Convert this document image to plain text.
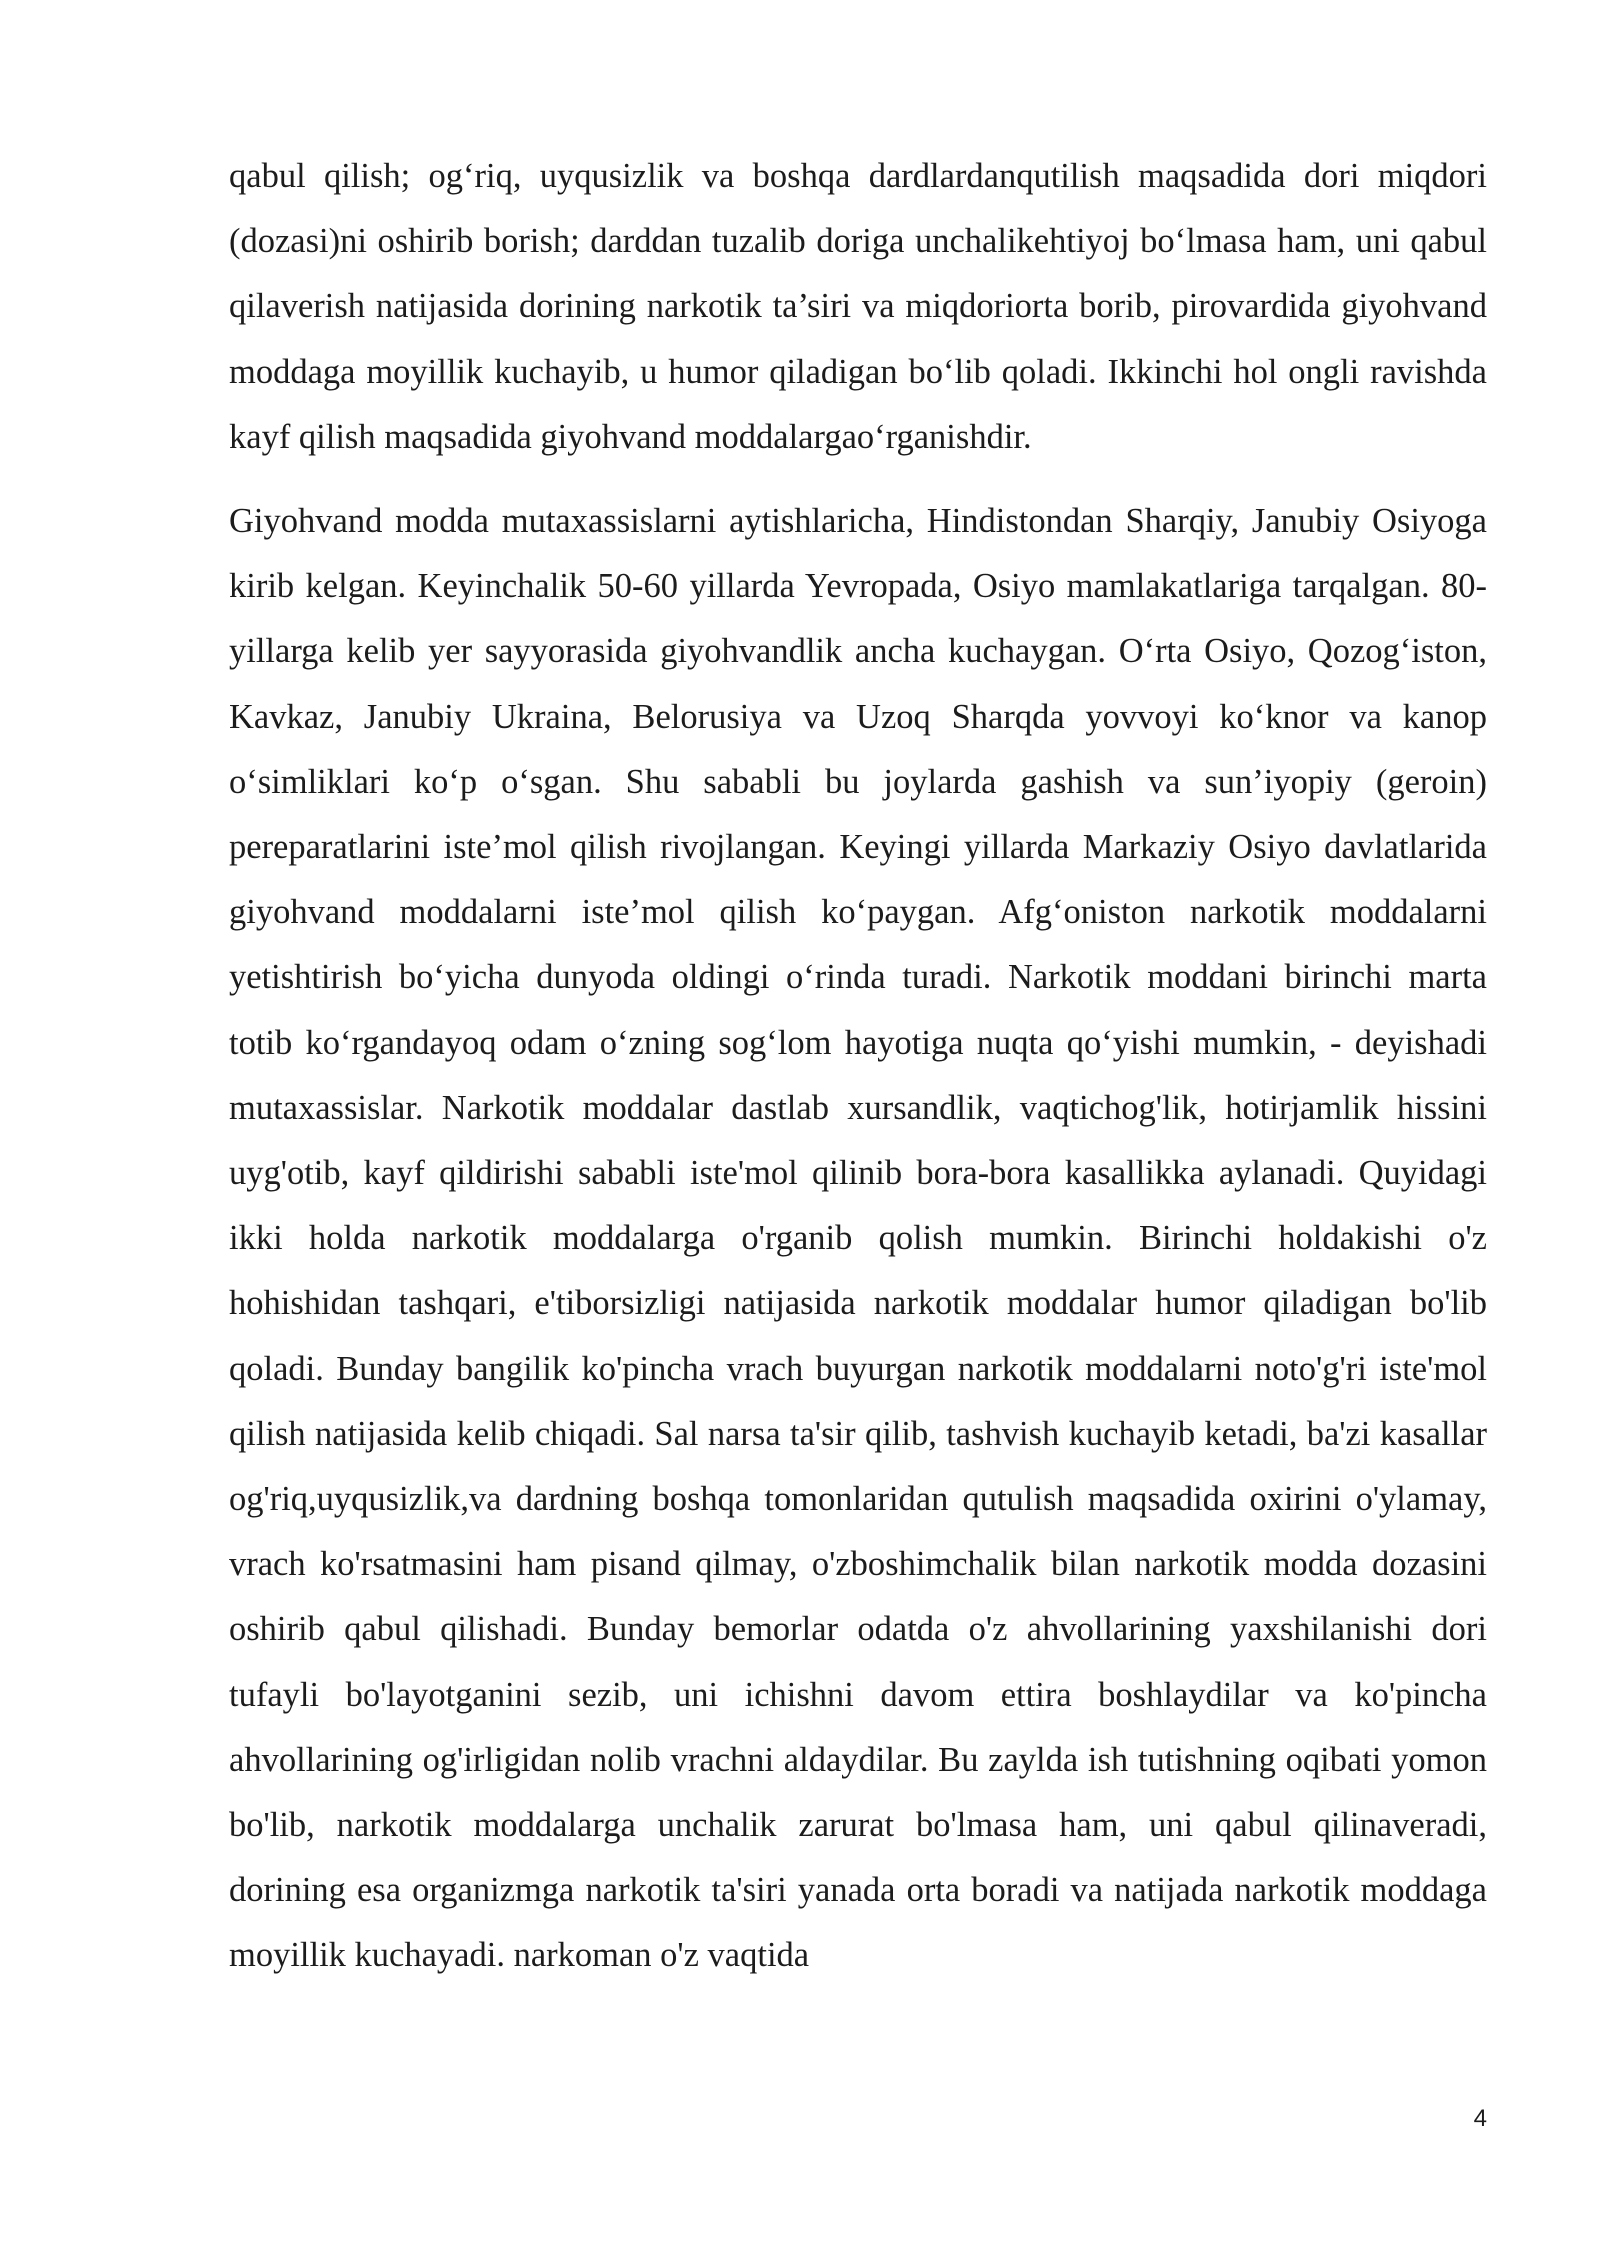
qabul qilish; og‘riq, uyqusizlik va boshqa dardlardanqutilish maqsadida dori miqdori (dozasi)ni oshirib borish; darddan tuzalib doriga unchalikehtiyoj bo‘lmasa ham, uni qabul qilaverish natijasida dorining narkotik ta’siri va miqdoriorta borib, pirovardida giyohvand moddaga moyillik kuchayib, u humor qiladigan bo‘lib qoladi. Ikkinchi hol ongli ravishda kayf qilish maqsadida giyohvand moddalargao‘rganishdir.

Giyohvand modda mutaxassislarni aytishlaricha, Hindistondan Sharqiy, Janubiy Osiyoga kirib kelgan. Keyinchalik 50-60 yillarda Yevropada, Osiyo mamlakatlariga tarqalgan. 80-yillarga kelib yer sayyorasida giyohvandlik ancha kuchaygan. O‘rta Osiyo, Qozog‘iston, Kavkaz, Janubiy Ukraina, Belorusiya va Uzoq Sharqda yovvoyi ko‘knor va kanop o‘simliklari ko‘p o‘sgan. Shu sababli bu joylarda gashish va sun’iyopiy (geroin) pereparatlarini iste’mol qilish rivojlangan. Keyingi yillarda Markaziy Osiyo davlatlarida giyohvand moddalarni iste’mol qilish ko‘paygan. Afg‘oniston narkotik moddalarni yetishtirish bo‘yicha dunyoda oldingi o‘rinda turadi. Narkotik moddani birinchi marta totib ko‘rgandayoq odam o‘zning sog‘lom hayotiga nuqta qo‘yishi mumkin, - deyishadi mutaxassislar. Narkotik moddalar dastlab xursandlik, vaqtichog'lik, hotirjamlik hissini uyg'otib, kayf qildirishi sababli iste'mol qilinib bora-bora kasallikka aylanadi. Quyidagi ikki holda narkotik moddalarga o'rganib qolish mumkin. Birinchi holdakishi o'z hohishidan tashqari, e'tiborsizligi natijasida narkotik moddalar humor qiladigan bo'lib qoladi. Bunday bangilik ko'pincha vrach buyurgan narkotik moddalarni noto'g'ri iste'mol qilish natijasida kelib chiqadi. Sal narsa ta'sir qilib, tashvish kuchayib ketadi, ba'zi kasallar og'riq,uyqusizlik,va dardning boshqa tomonlaridan qutulish maqsadida oxirini o'ylamay, vrach ko'rsatmasini ham pisand qilmay, o'zboshimchalik bilan narkotik modda dozasini oshirib qabul qilishadi. Bunday bemorlar odatda o'z ahvollarining yaxshilanishi dori tufayli bo'layotganini sezib, uni ichishni davom ettira boshlaydilar va ko'pincha ahvollarining og'irligidan nolib vrachni aldaydilar. Bu zaylda ish tutishning oqibati yomon bo'lib, narkotik moddalarga unchalik zarurat bo'lmasa ham, uni qabul qilinaveradi, dorining esa organizmga narkotik ta'siri yanada orta boradi va natijada narkotik moddaga moyillik kuchayadi. narkoman o'z vaqtida

4
